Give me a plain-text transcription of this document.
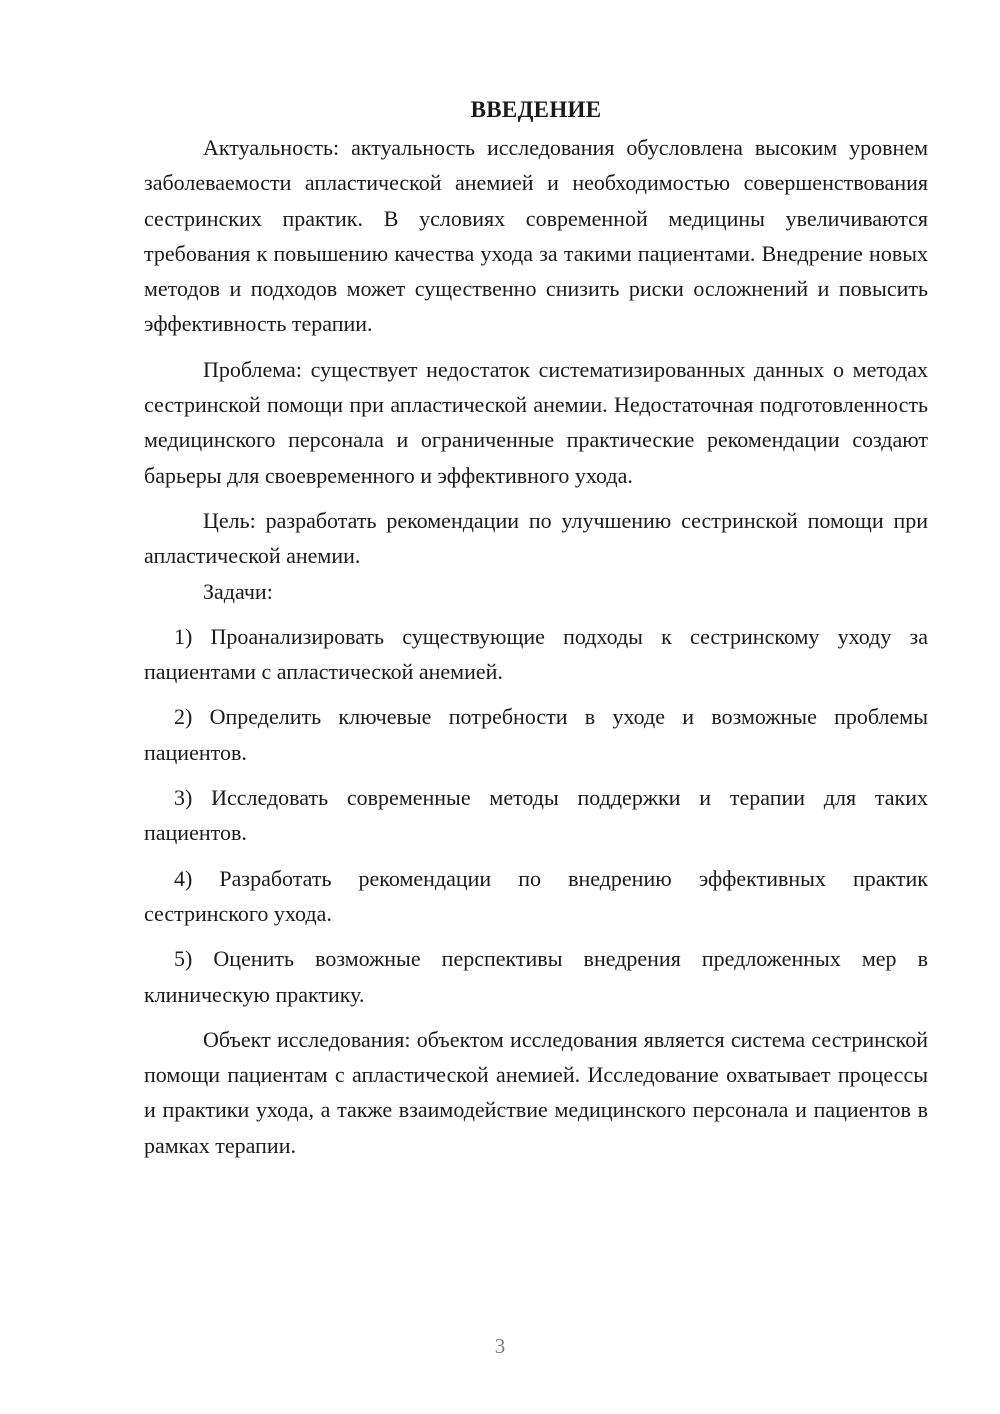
ВВЕДЕНИЕ

Актуальность: актуальность исследования обусловлена высоким уровнем заболеваемости апластической анемией и необходимостью совершенствования сестринских практик. В условиях современной медицины увеличиваются требования к повышению качества ухода за такими пациентами. Внедрение новых методов и подходов может существенно снизить риски осложнений и повысить эффективность терапии.

Проблема: существует недостаток систематизированных данных о методах сестринской помощи при апластической анемии. Недостаточная подготовленность медицинского персонала и ограниченные практические рекомендации создают барьеры для своевременного и эффективного ухода.

Цель: разработать рекомендации по улучшению сестринской помощи при апластической анемии.

Задачи:

1) Проанализировать существующие подходы к сестринскому уходу за пациентами с апластической анемией.

2) Определить ключевые потребности в уходе и возможные проблемы пациентов.

3) Исследовать современные методы поддержки и терапии для таких пациентов.

4) Разработать рекомендации по внедрению эффективных практик сестринского ухода.

5) Оценить возможные перспективы внедрения предложенных мер в клиническую практику.

Объект исследования: объектом исследования является система сестринской помощи пациентам с апластической анемией. Исследование охватывает процессы и практики ухода, а также взаимодействие медицинского персонала и пациентов в рамках терапии.

3
